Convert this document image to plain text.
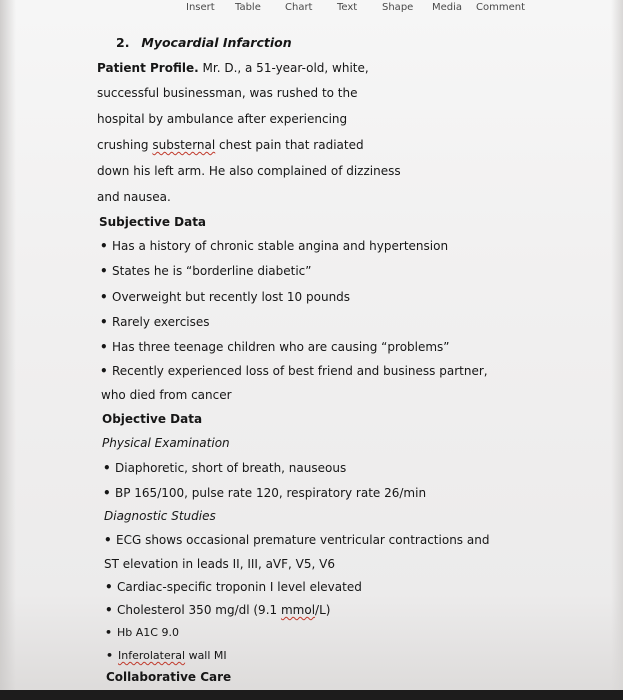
Insert Table Chart Text Shape Media Comment
2. Myocardial Infarction
Patient Profile. Mr. D., a 51-year-old, white,
successful businessman, was rushed to the
hospital by ambulance after experiencing
crushing substernal chest pain that radiated
down his left arm. He also complained of dizziness
and nausea.
Subjective Data
• Has a history of chronic stable angina and hypertension
• States he is “borderline diabetic”
• Overweight but recently lost 10 pounds
• Rarely exercises
• Has three teenage children who are causing “problems”
• Recently experienced loss of best friend and business partner,
who died from cancer
Objective Data
Physical Examination
• Diaphoretic, short of breath, nauseous
• BP 165/100, pulse rate 120, respiratory rate 26/min
Diagnostic Studies
• ECG shows occasional premature ventricular contractions and
ST elevation in leads II, III, aVF, V5, V6
• Cardiac-specific troponin I level elevated
• Cholesterol 350 mg/dl (9.1 mmol/L)
• Hb A1C 9.0
• Inferolateral wall MI
Collaborative Care
